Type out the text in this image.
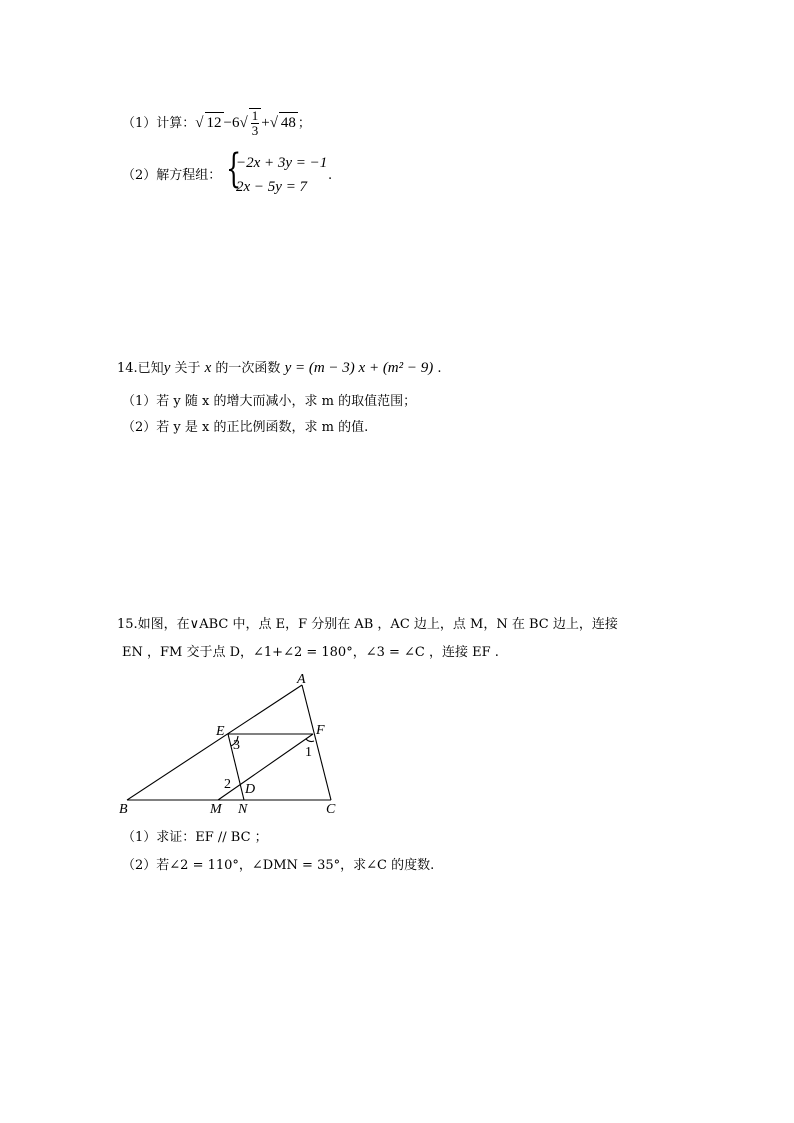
（1）计算：√ $12 -6√ \frac{1}{3}$ +√ 48 ；
（2）解方程组： {
−2x + 3y = −1
2x − 5y = 7
.
14.已知y 关于 x 的一次函数 y = (m − 3) x + (m² − 9) .
（1）若 y 随 x 的增大而减小，求 m 的取值范围；
（2）若 y 是 x 的正比例函数，求 m 的值.
15.如图，在∨ABC 中，点 E，F 分别在 AB ，AC 边上，点 M，N 在 BC 边上，连接
EN ，FM 交于点 D，∠1+∠2 = 180°，∠3 = ∠C ，连接 EF .
A
B	C
E	F
D
M N
1
2
3
（1）求证：EF // BC ；
（2）若∠2 = 110°，∠DMN = 35°，求∠C 的度数.
